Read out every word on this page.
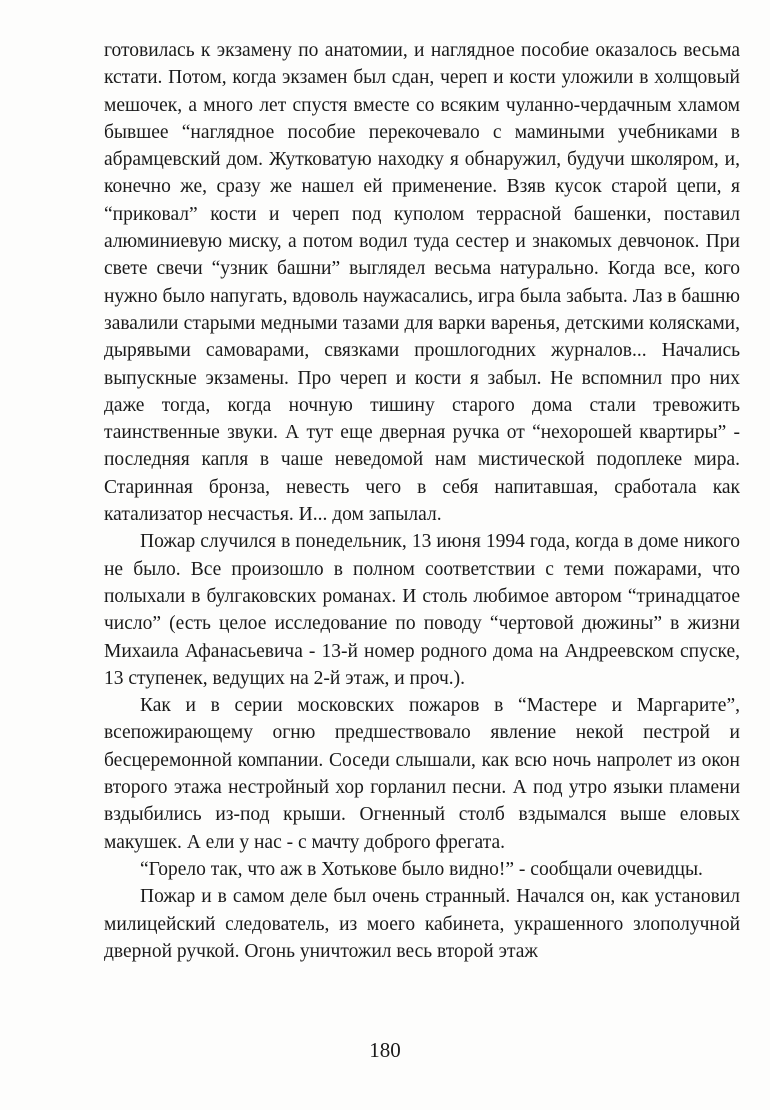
готовилась к экзамену по анатомии, и наглядное пособие оказалось весьма кстати. Потом, когда экзамен был сдан, череп и кости уложили в холщовый мешочек, а много лет спустя вместе со всяким чуланно-чердачным хламом бывшее “наглядное пособие перекочевало с мамиными учебниками в абрамцевский дом. Жутковатую находку я обнаружил, будучи школяром, и, конечно же, сразу же нашел ей применение. Взяв кусок старой цепи, я “приковал” кости и череп под куполом террасной башенки, поставил алюминиевую миску, а потом водил туда сестер и знакомых девчонок. При свете свечи “узник башни” выглядел весьма натурально. Когда все, кого нужно было напугать, вдоволь наужасались, игра была забыта. Лаз в башню завалили старыми медными тазами для варки варенья, детскими колясками, дырявыми самоварами, связками прошлогодних журналов... Начались выпускные экзамены. Про череп и кости я забыл. Не вспомнил про них даже тогда, когда ночную тишину старого дома стали тревожить таинственные звуки. А тут еще дверная ручка от “нехорошей квартиры” - последняя капля в чаше неведомой нам мистической подоплеке мира. Старинная бронза, невесть чего в себя напитавшая, сработала как катализатор несчастья. И... дом запылал.

Пожар случился в понедельник, 13 июня 1994 года, когда в доме никого не было. Все произошло в полном соответствии с теми пожарами, что полыхали в булгаковских романах. И столь любимое автором “тринадцатое число” (есть целое исследование по поводу “чертовой дюжины” в жизни Михаила Афанасьевича - 13-й номер родного дома на Андреевском спуске, 13 ступенек, ведущих на 2-й этаж, и проч.).

Как и в серии московских пожаров в “Мастере и Маргарите”, всепожирающему огню предшествовало явление некой пестрой и бесцеремонной компании. Соседи слышали, как всю ночь напролет из окон второго этажа нестройный хор горланил песни. А под утро языки пламени вздыбились из-под крыши. Огненный столб вздымался выше еловых макушек. А ели у нас - с мачту доброго фрегата.

“Горело так, что аж в Хотькове было видно!” - сообщали очевидцы.

Пожар и в самом деле был очень странный. Начался он, как установил милицейский следователь, из моего кабинета, украшенного злополучной дверной ручкой. Огонь уничтожил весь второй этаж

180
